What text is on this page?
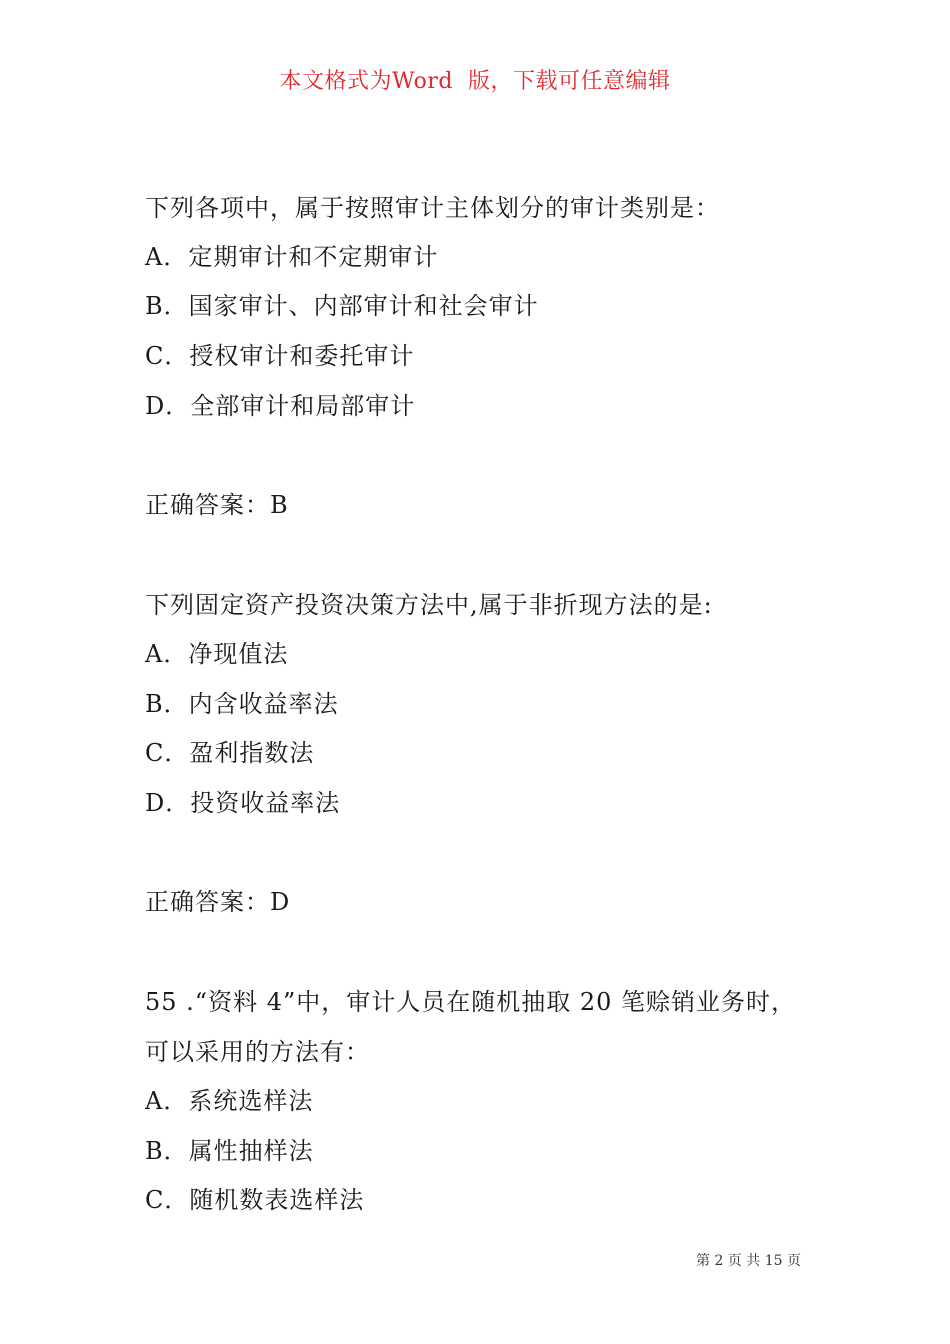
本文格式为Word  版，下载可任意编辑
下列各项中，属于按照审计主体划分的审计类别是：
A．定期审计和不定期审计
B．国家审计、内部审计和社会审计
C．授权审计和委托审计
D．全部审计和局部审计
正确答案：B
下列固定资产投资决策方法中,属于非折现方法的是:
A．净现值法
B．内含收益率法
C．盈利指数法
D．投资收益率法
正确答案：D
55 .“资料 4”中，审计人员在随机抽取 20 笔赊销业务时，
可以采用的方法有：
A．系统选样法
B．属性抽样法
C．随机数表选样法
第 2 页 共 15 页
